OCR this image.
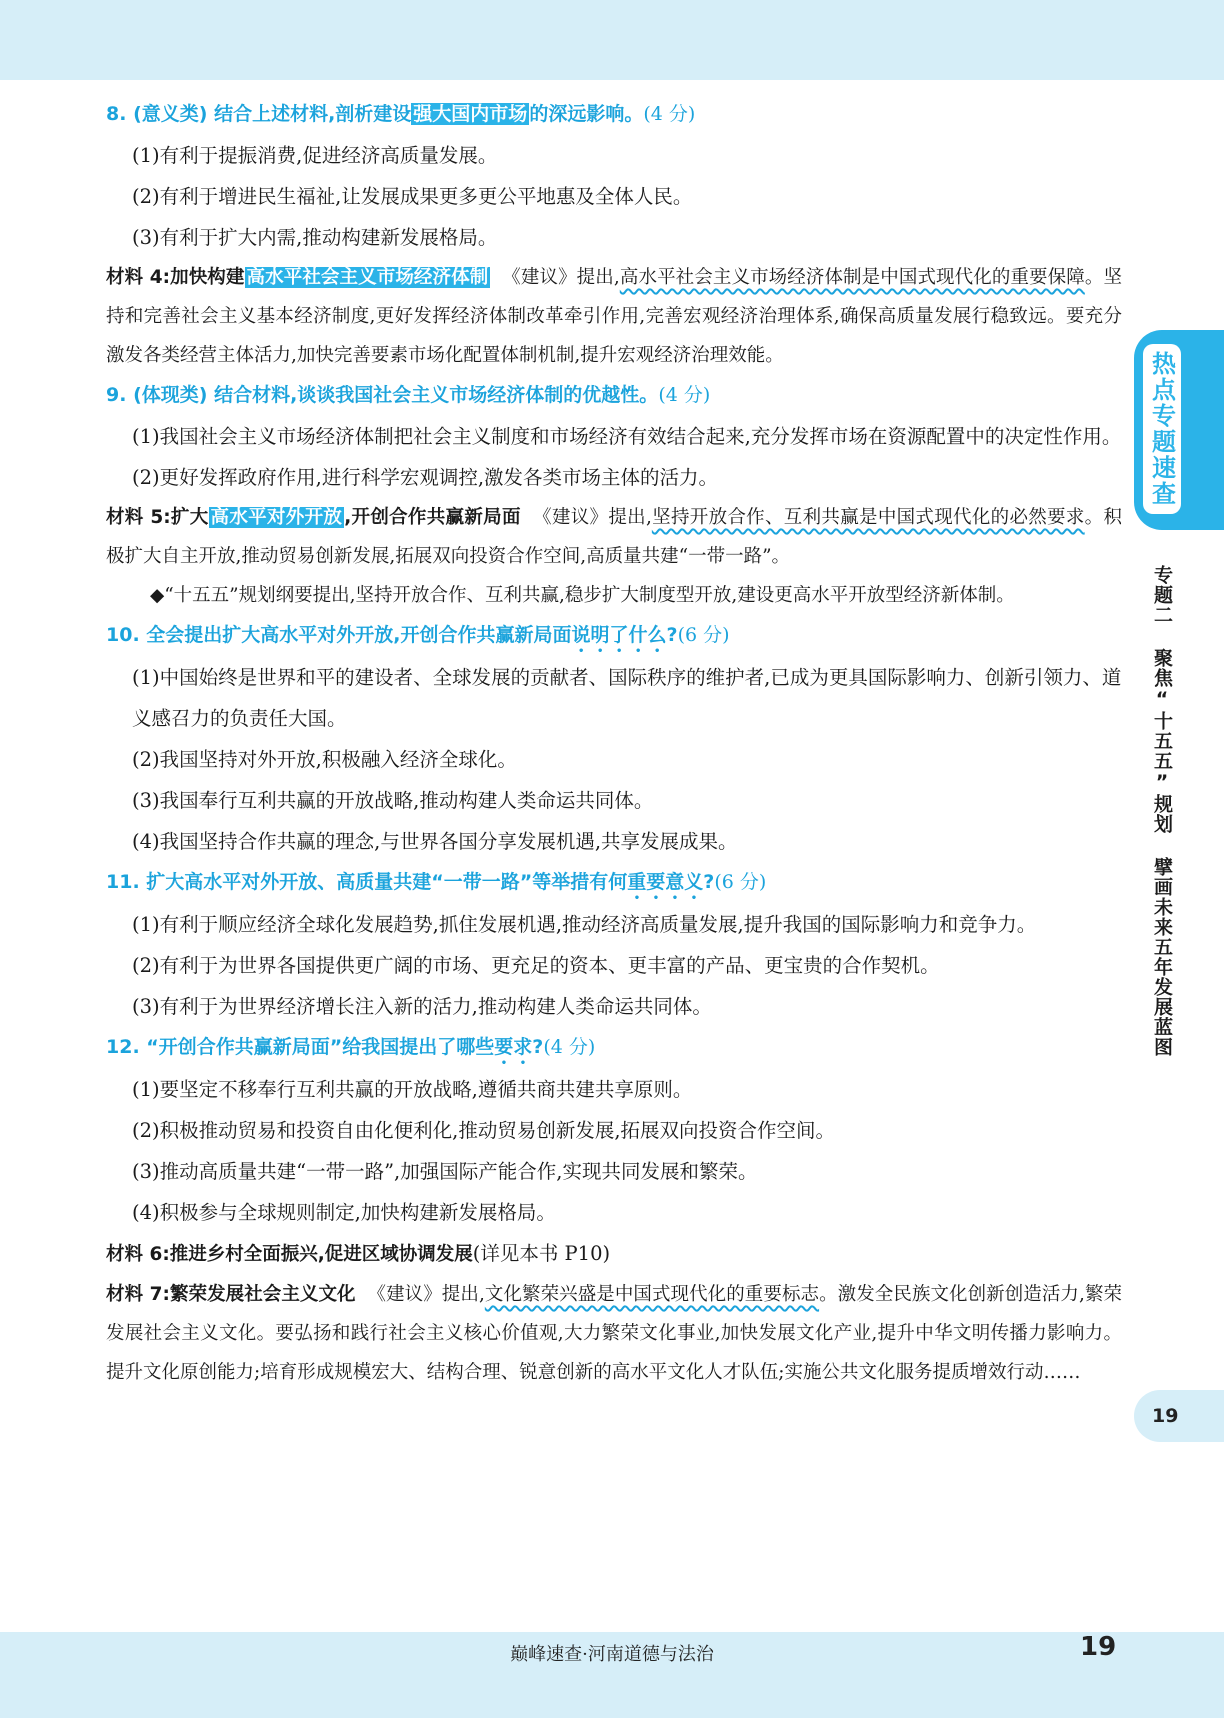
热点专题速查
专题二 聚焦“十五五”规划 擘画未来五年发展蓝图
19
8. (意义类) 结合上述材料,剖析建设 强大国内市场 的深远影响。(4 分)
(1)有利于提振消费,促进经济高质量发展。
(2)有利于增进民生福祉,让发展成果更多更公平地惠及全体人民。
(3)有利于扩大内需,推动构建新发展格局。
材料 4:加快构建 高水平社会主义市场经济体制 《建议》提出,高水平社会主义市场经济体制是中国式现代化的重要保障。坚持和完善社会主义基本经济制度,更好发挥经济体制改革牵引作用,完善宏观经济治理体系,确保高质量发展行稳致远。要充分激发各类经营主体活力,加快完善要素市场化配置体制机制,提升宏观经济治理效能。
9. (体现类) 结合材料,谈谈我国社会主义市场经济体制的优越性。(4 分)
(1)我国社会主义市场经济体制把社会主义制度和市场经济有效结合起来,充分发挥市场在资源配置中的决定性作用。
(2)更好发挥政府作用,进行科学宏观调控,激发各类市场主体的活力。
材料 5:扩大 高水平对外开放 ,开创合作共赢新局面 《建议》提出,坚持开放合作、互利共赢是中国式现代化的必然要求。积极扩大自主开放,推动贸易创新发展,拓展双向投资合作空间,高质量共建“一带一路”。
◆“十五五”规划纲要提出,坚持开放合作、互利共赢,稳步扩大制度型开放,建设更高水平开放型经济新体制。
10. 全会提出扩大高水平对外开放,开创合作共赢新局面说明了什么?(6 分)
(1)中国始终是世界和平的建设者、全球发展的贡献者、国际秩序的维护者,已成为更具国际影响力、创新引领力、道义感召力的负责任大国。
(2)我国坚持对外开放,积极融入经济全球化。
(3)我国奉行互利共赢的开放战略,推动构建人类命运共同体。
(4)我国坚持合作共赢的理念,与世界各国分享发展机遇,共享发展成果。
11. 扩大高水平对外开放、高质量共建“一带一路”等举措有何重要意义?(6 分)
(1)有利于顺应经济全球化发展趋势,抓住发展机遇,推动经济高质量发展,提升我国的国际影响力和竞争力。
(2)有利于为世界各国提供更广阔的市场、更充足的资本、更丰富的产品、更宝贵的合作契机。
(3)有利于为世界经济增长注入新的活力,推动构建人类命运共同体。
12. “开创合作共赢新局面”给我国提出了哪些要求?(4 分)
(1)要坚定不移奉行互利共赢的开放战略,遵循共商共建共享原则。
(2)积极推动贸易和投资自由化便利化,推动贸易创新发展,拓展双向投资合作空间。
(3)推动高质量共建“一带一路”,加强国际产能合作,实现共同发展和繁荣。
(4)积极参与全球规则制定,加快构建新发展格局。
材料 6:推进乡村全面振兴,促进区域协调发展(详见本书 P10)
材料 7:繁荣发展社会主义文化 《建议》提出,文化繁荣兴盛是中国式现代化的重要标志。激发全民族文化创新创造活力,繁荣发展社会主义文化。要弘扬和践行社会主义核心价值观,大力繁荣文化事业,加快发展文化产业,提升中华文明传播力影响力。提升文化原创能力;培育形成规模宏大、结构合理、锐意创新的高水平文化人才队伍;实施公共文化服务提质增效行动……
巅峰速查·河南道德与法治	19
